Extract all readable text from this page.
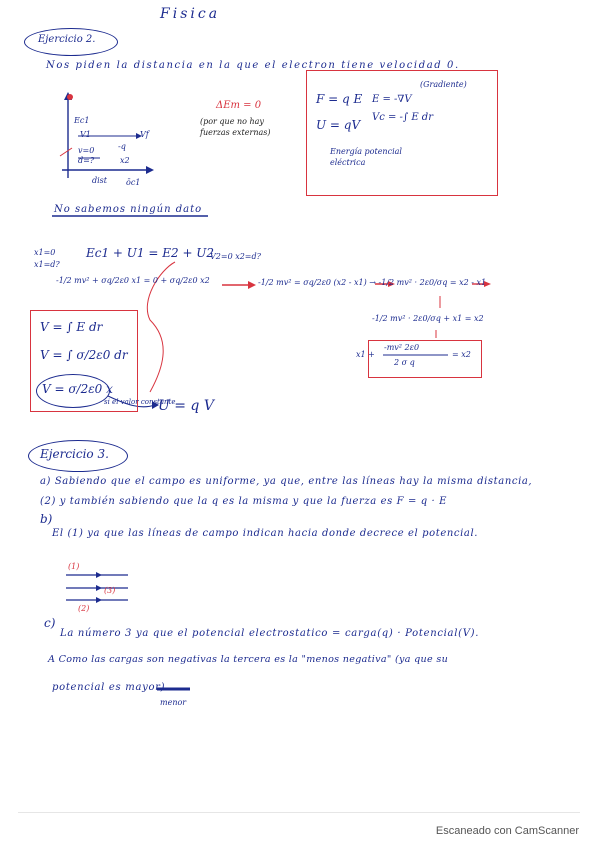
Fisica
Ejercicio 2.
Nos piden la distancia en la que el electron tiene velocidad 0.
Ec1
V1	Vf
v=0	-q
d=?	x2
dist ōc1
ΔEm = 0
(por que no hay fuerzas externas)
F = q E E = -∇V
(Gradiente)
U = qV
Vc = -∫ E dr
Energía potencial eléctrica
No sabemos ningún dato
x1=0
x1=d?
Ec1 + U1 = E2 + U2
V2=0 x2=d?
-1/2 mv² + σq/2ε0 x1 = 0 + σq/2ε0 x2	-1/2 mv² = σq/2ε0 (x2 - x1) → -1/2 mv² · 2ε0/σq = x2 - x1
-1/2 mv² · 2ε0/σq + x1 = x2
x1 +
-mv² 2ε0
2 σ q
= x2
V = ∫ E dr
V = ∫ σ/2ε0 dr
V = σ/2ε0 x
si el valor constante
U = q V
Ejercicio 3.
a) Sabiendo que el campo es uniforme, ya que, entre las líneas hay la misma distancia,
(2) y también sabiendo que la q es la misma y que la fuerza es F = q · E
b)
El (1) ya que las líneas de campo indican hacia donde decrece el potencial.
(1)
(3)
(2)
c)
La número 3 ya que el potencial electrostatico = carga(q) · Potencial(V).
A Como las cargas son negativas la tercera es la "menos negativa" (ya que su
potencial es mayor)
menor
Escaneado con CamScanner
